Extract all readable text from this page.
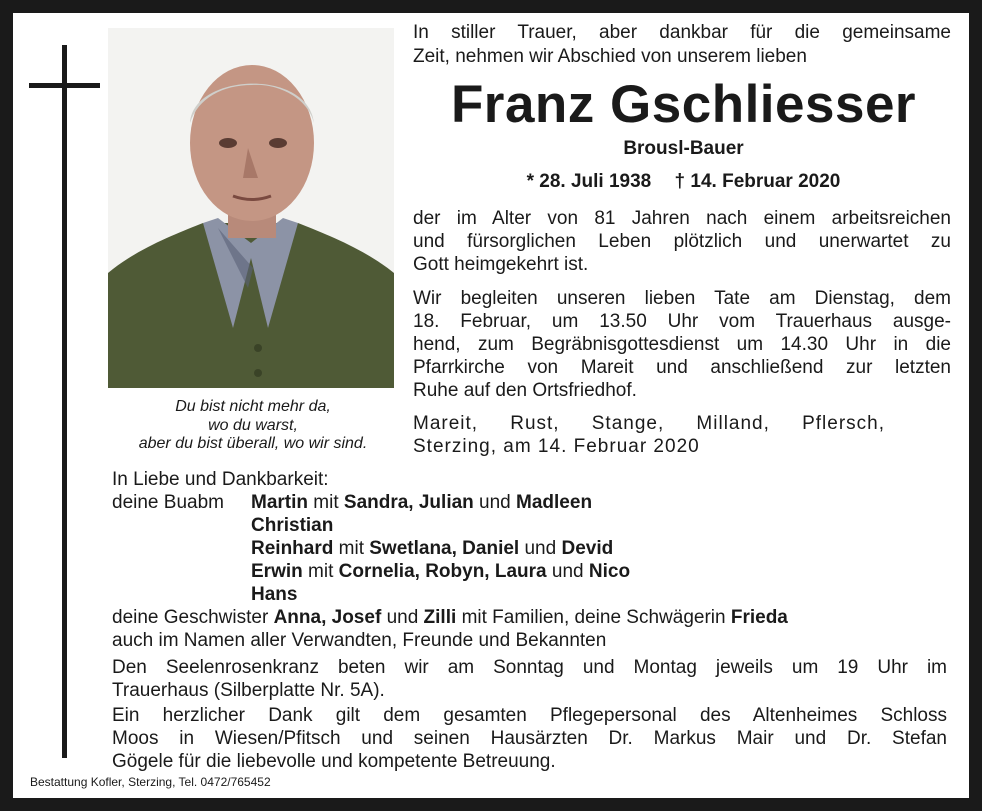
Du bist nicht mehr da,
wo du warst,
aber du bist überall, wo wir sind.
In stiller Trauer, aber dankbar für die gemeinsame
Zeit, nehmen wir Abschied von unserem lieben
Franz Gschliesser
Brousl-Bauer
* 28. Juli 1938 † 14. Februar 2020
der im Alter von 81 Jahren nach einem arbeitsreichen
und fürsorglichen Leben plötzlich und unerwartet zu
Gott heimgekehrt ist.
Wir begleiten unseren lieben Tate am Dienstag, dem
18. Februar, um 13.50 Uhr vom Trauerhaus ausge-
hend, zum Begräbnisgottesdienst um 14.30 Uhr in die
Pfarrkirche von Mareit und anschließend zur letzten
Ruhe auf den Ortsfriedhof.
Mareit, Rust, Stange, Milland, Pflersch,
Sterzing, am 14. Februar 2020
In Liebe und Dankbarkeit:
deine Buabm Martin mit Sandra, Julian und Madleen
Christian
Reinhard mit Swetlana, Daniel und Devid
Erwin mit Cornelia, Robyn, Laura und Nico
Hans
deine Geschwister Anna, Josef und Zilli mit Familien, deine Schwägerin Frieda
auch im Namen aller Verwandten, Freunde und Bekannten
Den Seelenrosenkranz beten wir am Sonntag und Montag jeweils um 19 Uhr im
Trauerhaus (Silberplatte Nr. 5A).
Ein herzlicher Dank gilt dem gesamten Pflegepersonal des Altenheimes Schloss
Moos in Wiesen/Pfitsch und seinen Hausärzten Dr. Markus Mair und Dr. Stefan
Gögele für die liebevolle und kompetente Betreuung.
Bestattung Kofler, Sterzing, Tel. 0472/765452
